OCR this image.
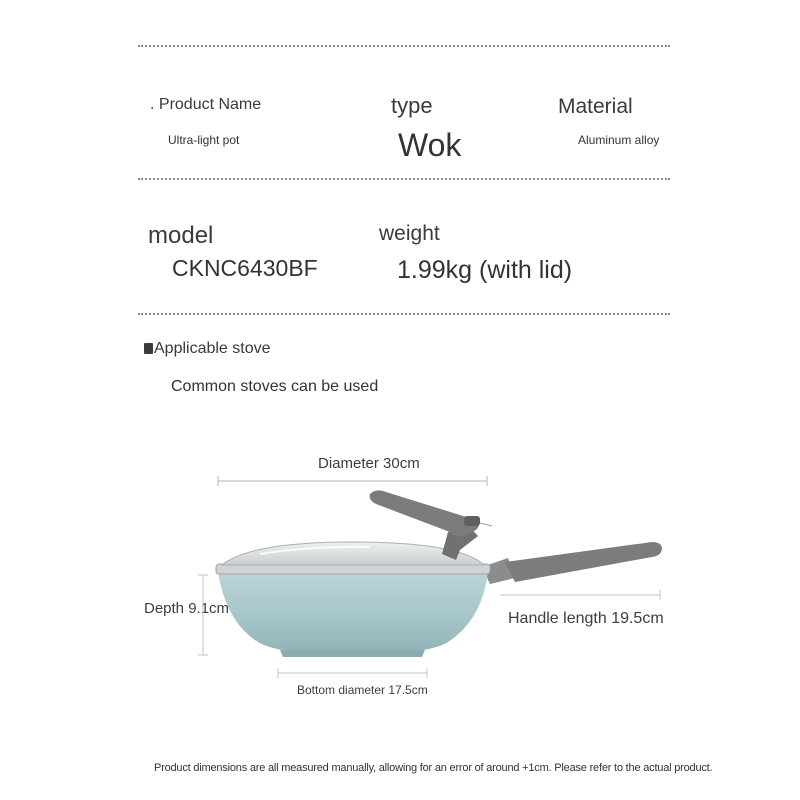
. Product Name
Ultra-light pot
type
Wok
Material
Aluminum alloy
model
CKNC6430BF
weight
1.99kg (with lid)
Applicable stove
Common stoves can be used
Diameter 30cm
Depth 9.1cm
Handle length 19.5cm
Bottom diameter 17.5cm
Product dimensions are all measured manually, allowing for an error of around +1cm. Please refer to the actual product.
